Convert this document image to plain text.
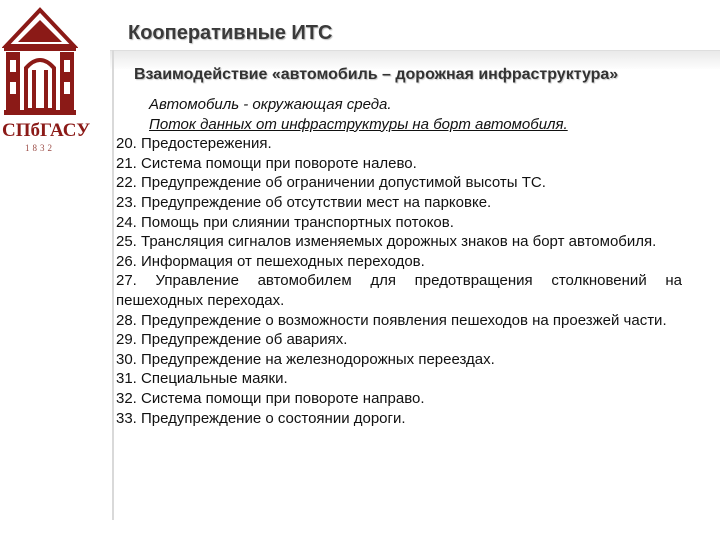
СПбГАСУ
1832
Кооперативные ИТС
Взаимодействие «автомобиль – дорожная инфраструктура»
Автомобиль - окружающая среда.
Поток данных от инфраструктуры на борт автомобиля.
20. Предостережения.
21. Система помощи при повороте налево.
22. Предупреждение об ограничении допустимой высоты ТС.
23. Предупреждение об отсутствии мест на парковке.
24. Помощь при слиянии транспортных потоков.
25. Трансляция сигналов изменяемых дорожных знаков на борт автомобиля.
26. Информация от пешеходных переходов.
27. Управление автомобилем для предотвращения столкновений на пешеходных переходах.
28. Предупреждение о возможности появления пешеходов на проезжей части.
29. Предупреждение об авариях.
30. Предупреждение на железнодорожных переездах.
31. Специальные маяки.
32. Система помощи при повороте направо.
33. Предупреждение о состоянии дороги.
